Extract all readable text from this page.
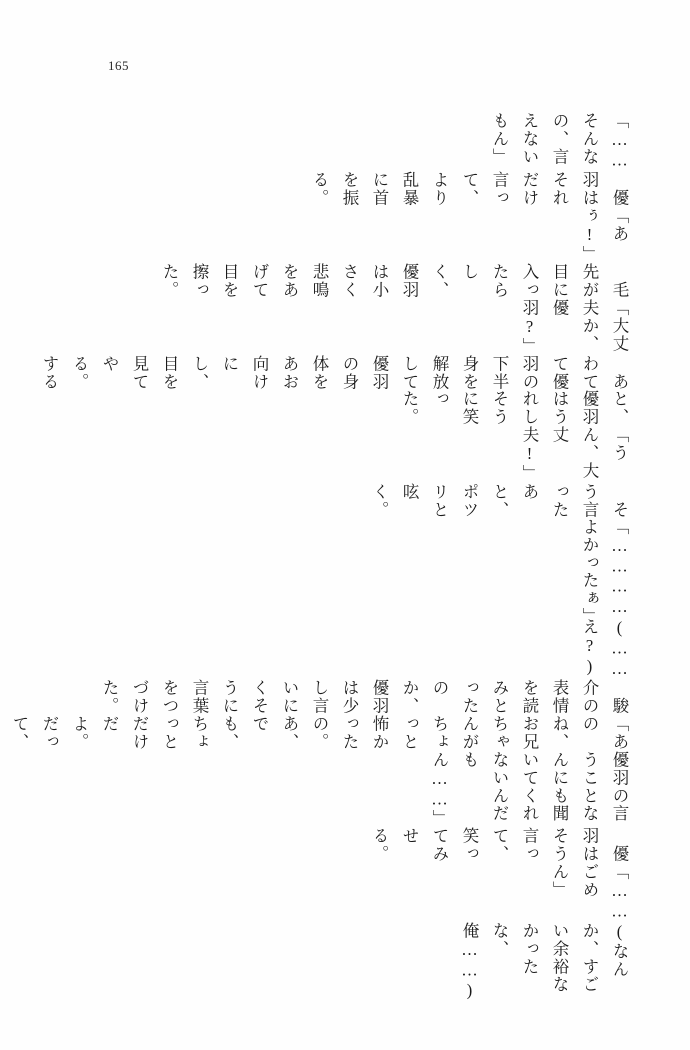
165
「……そんなの、言えないもん」
　優羽はそれだけ言って、より乱暴に首を振る。
「あぅ!」
　毛先が目に入ったらしく、優羽は小さく悲鳴をあげて目を擦った。
「大丈夫か、優羽?」
　あわてて優羽の下半身を解放して優羽の身体をあお向けにし、目を見てやる。する
と、優羽はうれしそうに笑った。
「うん、大丈夫!」
　そう言ったあと、ポツリと呟く。
「…………よかったぁ」
(……え?)
　駿介の表情を読みとったのか、優羽は少し言いにくそうに言葉をつづけた。
「あのね、お兄ちゃんがちょっと怖かったの。あ、でも、ちょっとだけだよ。だって、
優羽の言うことなんにも聞いてくれないんだもん……」
　優羽はそう言って、笑ってみせる。
「……ごめん」
(なんか、すごい余裕なかったな、俺……)
